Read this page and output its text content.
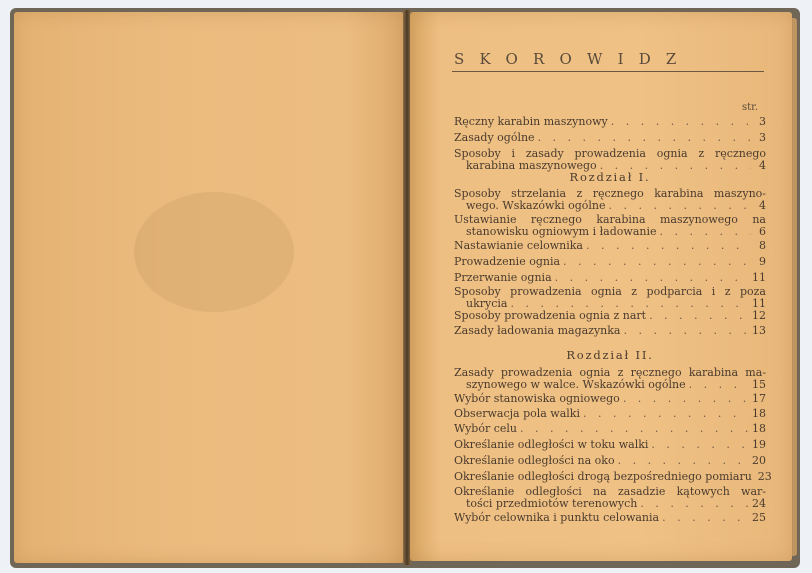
SKOROWIDZ
str.
Ręczny karabin maszynowy . . .	3
Zasady ogólne . . .	3
Sposoby i zasady prowadzenia ognia z ręcznego
karabina maszynowego . . .	4
Rozdział I.
Sposoby strzelania z ręcznego karabina maszyno-
wego. Wskazówki ogólne . . .	4
Ustawianie ręcznego karabina maszynowego na
stanowisku ogniowym i ładowanie . . .	6
Nastawianie celownika . . .	8
Prowadzenie ognia . . .	9
Przerwanie ognia . . .	11
Sposoby prowadzenia ognia z podparcia i z poza
ukrycia . . .	11
Sposoby prowadzenia ognia z nart . . .	12
Zasady ładowania magazynka . . .	13
Rozdział II.
Zasady prowadzenia ognia z ręcznego karabina ma-
szynowego w walce. Wskazówki ogólne . . .	15
Wybór stanowiska ogniowego . . .	17
Obserwacja pola walki . . .	18
Wybór celu . . .	18
Określanie odległości w toku walki . . .	19
Określanie odległości na oko . . .	20
Określanie odległości drogą bezpośredniego pomiaru 23
Określanie odległości na zasadzie kątowych war-
tości przedmiotów terenowych . . .	24
Wybór celownika i punktu celowania . . .	25
